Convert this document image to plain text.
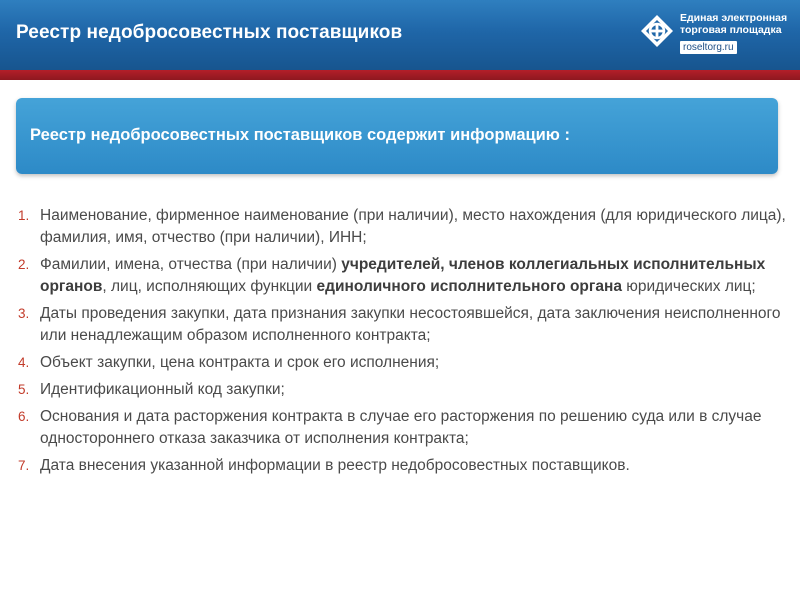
Реестр недобросовестных поставщиков
Единая электронная
торговая площадка
roseltorg.ru
Реестр недобросовестных поставщиков содержит информацию :
1. Наименование, фирменное наименование (при наличии), место нахождения (для юридического лица), фамилия, имя, отчество (при наличии), ИНН;
2. Фамилии, имена, отчества (при наличии) учредителей, членов коллегиальных исполнительных органов, лиц, исполняющих функции единоличного исполнительного органа юридических лиц;
3. Даты проведения закупки, дата признания закупки несостоявшейся, дата заключения неисполненного или ненадлежащим образом исполненного контракта;
4. Объект закупки, цена контракта и срок его исполнения;
5. Идентификационный код закупки;
6. Основания и дата расторжения контракта в случае его расторжения по решению суда или в случае одностороннего отказа заказчика от исполнения контракта;
7. Дата внесения указанной информации в реестр недобросовестных поставщиков.
